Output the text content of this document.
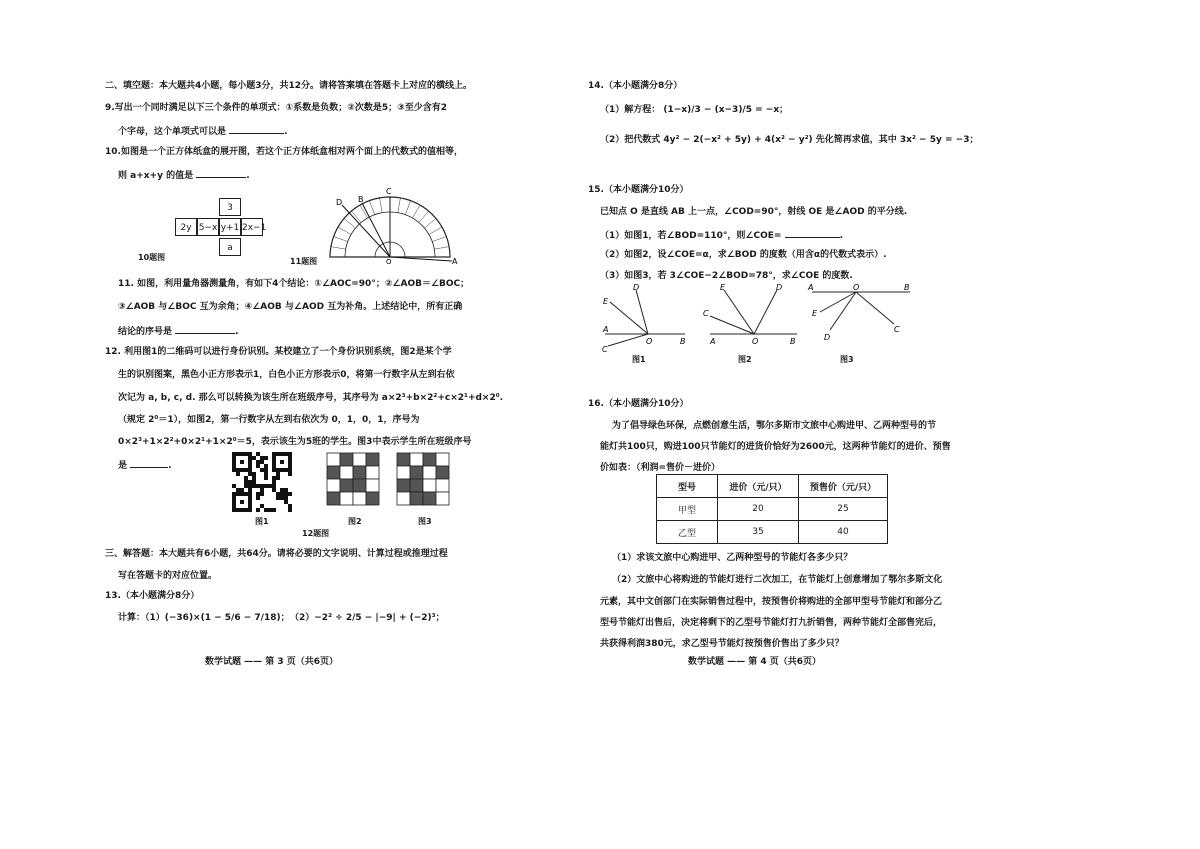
二、填空题：本大题共4小题，每小题3分，共12分。请将答案填在答题卡上对应的横线上。
9.写出一个同时满足以下三个条件的单项式：①系数是负数；②次数是5；③至少含有2
个字母，这个单项式可以是	.
10.如图是一个正方体纸盒的展开图，若这个正方体纸盒相对两个面上的代数式的值相等，
则 a+x+y 的值是	.
3
2y 5−x y+1 2x−1
a
10题图
C
D B
O	A
11题图
11. 如图，利用量角器测量角，有如下4个结论：①∠AOC=90°；②∠AOB＝∠BOC；
③∠AOB 与∠BOC 互为余角；④∠AOB 与∠AOD 互为补角。上述结论中，所有正确
结论的序号是	.
12. 利用图1的二维码可以进行身份识别。某校建立了一个身份识别系统，图2是某个学
生的识别图案，黑色小正方形表示1，白色小正方形表示0，将第一行数字从左到右依
次记为 a, b, c, d. 那么可以转换为该生所在班级序号，其序号为 a×2³+b×2²+c×2¹+d×2⁰.
（规定 2⁰＝1），如图2，第一行数字从左到右依次为 0，1，0，1，序号为
0×2³+1×2²+0×2¹+1×2⁰＝5，表示该生为5班的学生。图3中表示学生所在班级序号
是	.
图1	图2	图3
12题图
三、解答题：本大题共有6小题，共64分。请将必要的文字说明、计算过程或推理过程
写在答题卡的对应位置。
13.（本小题满分8分）
计算：（1）(−36)×(1 − 5/6 − 7/18)； （2）−2² ÷ 2/5 − |−9| + (−2)³；
数学试题 —— 第 3 页（共6页）
14.（本小题满分8分）
（1）解方程： (1−x)/3 − (x−3)/5 = −x；
（2）把代数式 4y² − 2(−x² + 5y) + 4(x² − y²) 先化简再求值，其中 3x² − 5y = −3；
15.（本小题满分10分）
已知点 O 是直线 AB 上一点，∠COD=90°，射线 OE 是∠AOD 的平分线.
（1）如图1，若∠BOD=110°，则∠COE=	.
（2）如图2，设∠COE=α，求∠BOD 的度数（用含α的代数式表示）.
（3）如图3，若 3∠COE−2∠BOD=78°，求∠COE 的度数.
D
E
C
A
O	B
图1
E	D
C
A	O	B
图2
A	O	B
E
D
C
图3
16.（本小题满分10分）
为了倡导绿色环保，点燃创意生活，鄂尔多斯市文旅中心购进甲、乙两种型号的节
能灯共100只，购进100只节能灯的进货价恰好为2600元，这两种节能灯的进价、预售
价如表：（利润=售价－进价）
型号	进价（元/只）	预售价（元/只）
甲型	20	25
乙型	35	40
（1）求该文旅中心购进甲、乙两种型号的节能灯各多少只？
（2）文旅中心将购进的节能灯进行二次加工，在节能灯上创意增加了鄂尔多斯文化
元素，其中文创部门在实际销售过程中，按预售价将购进的全部甲型号节能灯和部分乙
型号节能灯出售后，决定将剩下的乙型号节能灯打九折销售，两种节能灯全部售完后，
共获得利润380元，求乙型号节能灯按预售价售出了多少只？
数学试题 —— 第 4 页（共6页）
